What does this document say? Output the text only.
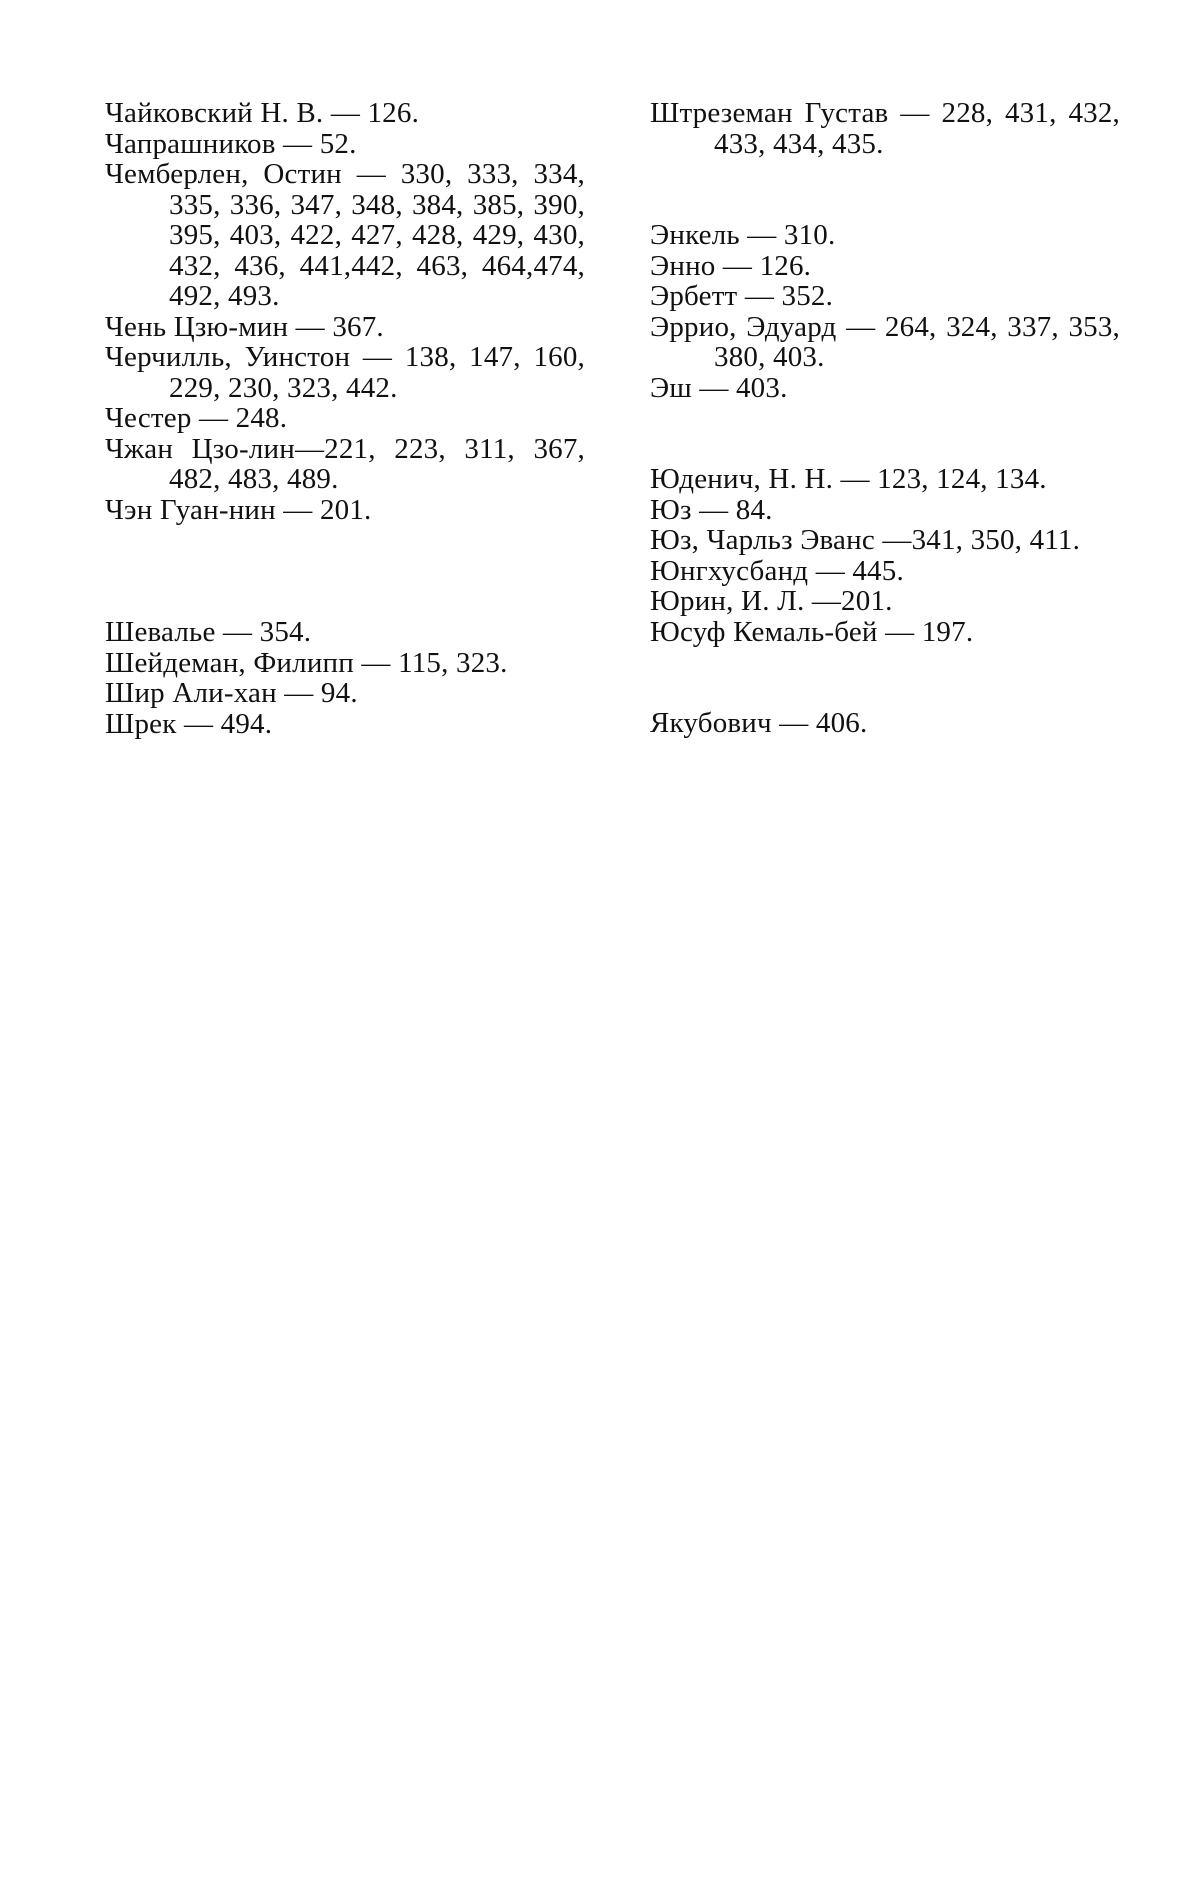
Чайковский Н. В. — 126.

Чапрашников — 52.

Чемберлен, Остин — 330, 333, 334, 335, 336, 347, 348, 384, 385, 390, 395, 403, 422, 427, 428, 429, 430, 432, 436, 441,442, 463, 464,474, 492, 493.

Чень Цзю-мин — 367.

Черчилль, Уинстон — 138, 147, 160, 229, 230, 323, 442.

Честер — 248.

Чжан Цзо-лин—221, 223, 311, 367, 482, 483, 489.

Чэн Гуан-нин — 201.

Шевалье — 354.

Шейдеман, Филипп — 115, 323.

Шир Али-хан — 94.

Шрек — 494.

Штреземан Густав — 228, 431, 432, 433, 434, 435.

Энкель — 310.

Энно — 126.

Эрбетт — 352.

Эррио, Эдуард — 264, 324, 337, 353, 380, 403.

Эш — 403.

Юденич, Н. Н. — 123, 124, 134.

Юз — 84.

Юз, Чарльз Эванс —341, 350, 411.

Юнгхусбанд — 445.

Юрин, И. Л. —201.

Юсуф Кемаль-бей — 197.

Якубович — 406.
